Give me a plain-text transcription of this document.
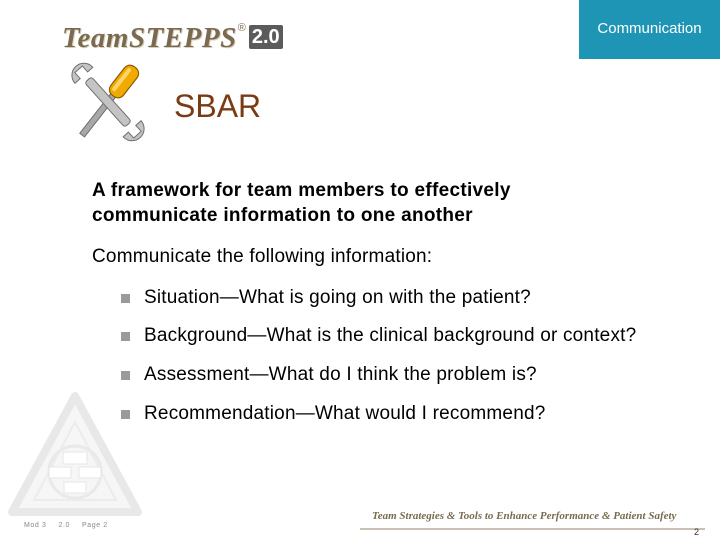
TeamSTEPPS ® 2.0	Communication
SBAR
A framework for team members to effectively communicate information to one another
Communicate the following information:
Situation—What is going on with the patient?
Background—What is the clinical background or context?
Assessment—What do I think the problem is?
Recommendation—What would I recommend?
Mod 3 2.0 Page 2
Team Strategies & Tools to Enhance Performance & Patient Safety
2
